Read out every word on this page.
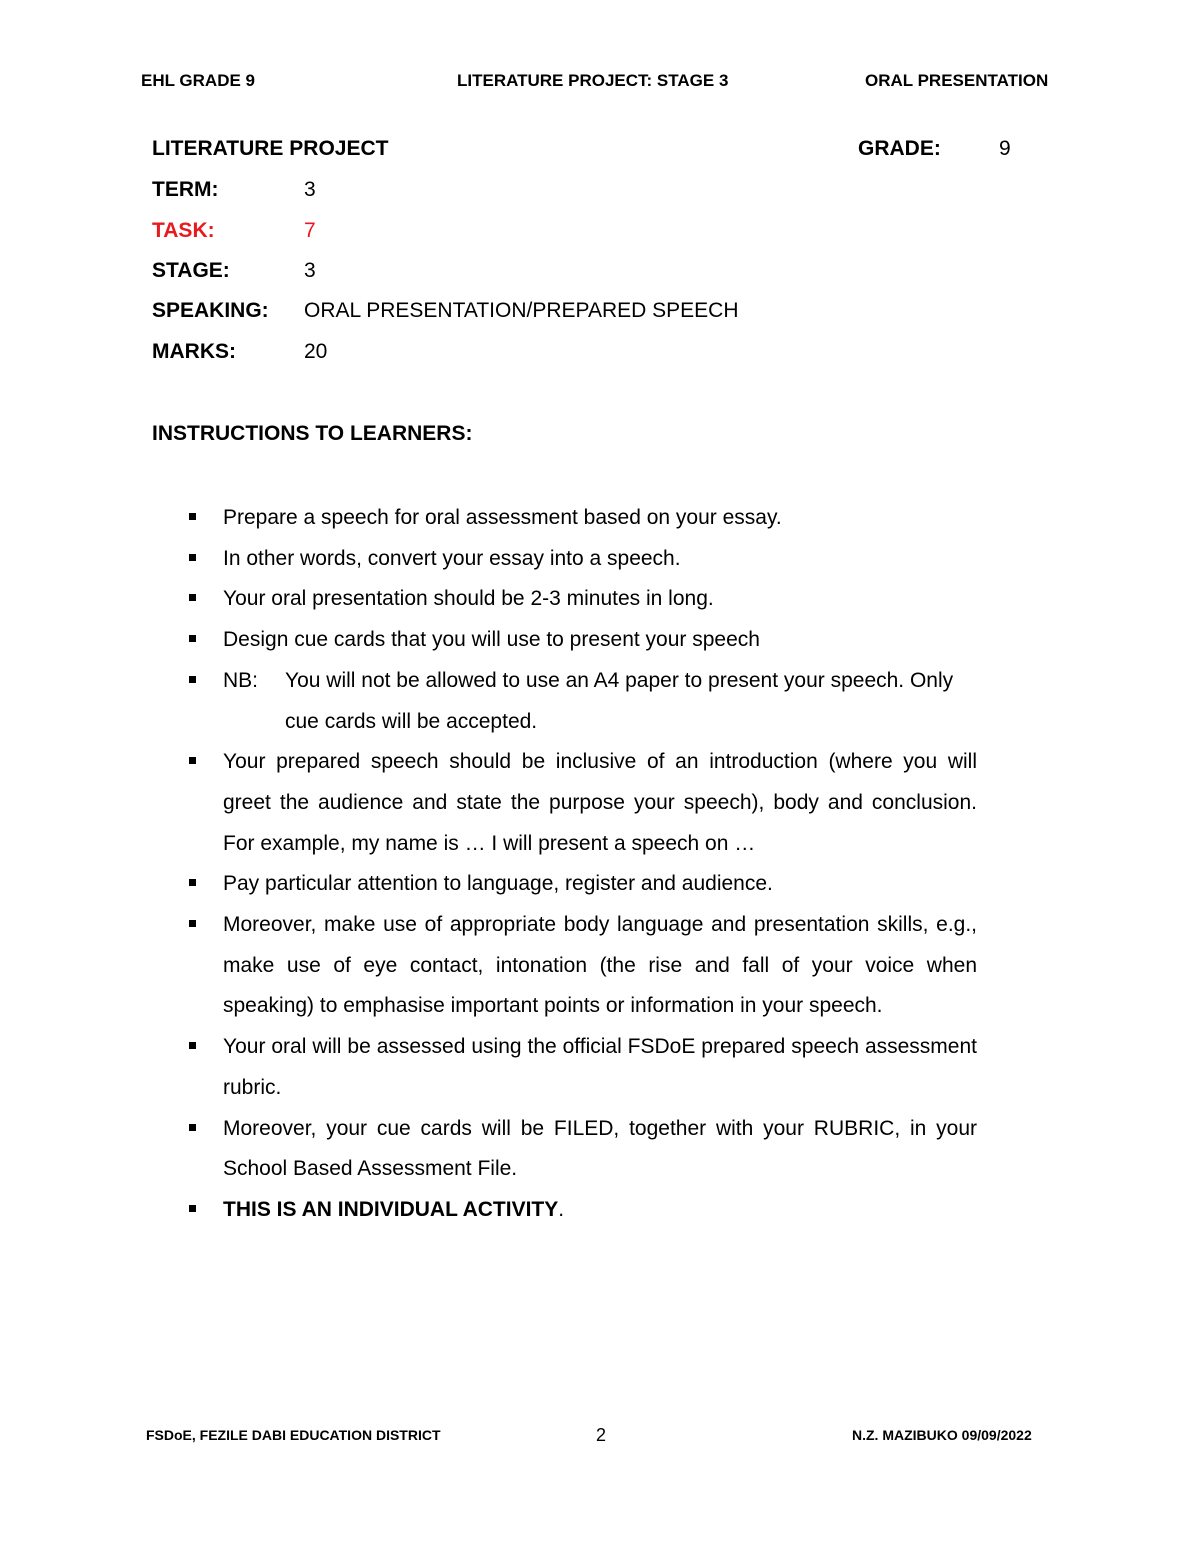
EHL GRADE 9	LITERATURE PROJECT: STAGE 3	ORAL PRESENTATION
LITERATURE PROJECT	GRADE:	9
TERM:	3
TASK:	7
STAGE:	3
SPEAKING: ORAL PRESENTATION/PREPARED SPEECH
MARKS:	20
INSTRUCTIONS TO LEARNERS:
Prepare a speech for oral assessment based on your essay.
In other words, convert your essay into a speech.
Your oral presentation should be 2-3 minutes in long.
Design cue cards that you will use to present your speech
NB:	You will not be allowed to use an A4 paper to present your speech. Only cue cards will be accepted.
Your prepared speech should be inclusive of an introduction (where you will greet the audience and state the purpose your speech), body and conclusion. For example, my name is … I will present a speech on …
Pay particular attention to language, register and audience.
Moreover, make use of appropriate body language and presentation skills, e.g., make use of eye contact, intonation (the rise and fall of your voice when speaking) to emphasise important points or information in your speech.
Your oral will be assessed using the official FSDoE prepared speech assessment rubric.
Moreover, your cue cards will be FILED, together with your RUBRIC, in your School Based Assessment File.
THIS IS AN INDIVIDUAL ACTIVITY.
FSDoE, FEZILE DABI EDUCATION DISTRICT	2	N.Z. MAZIBUKO 09/09/2022
